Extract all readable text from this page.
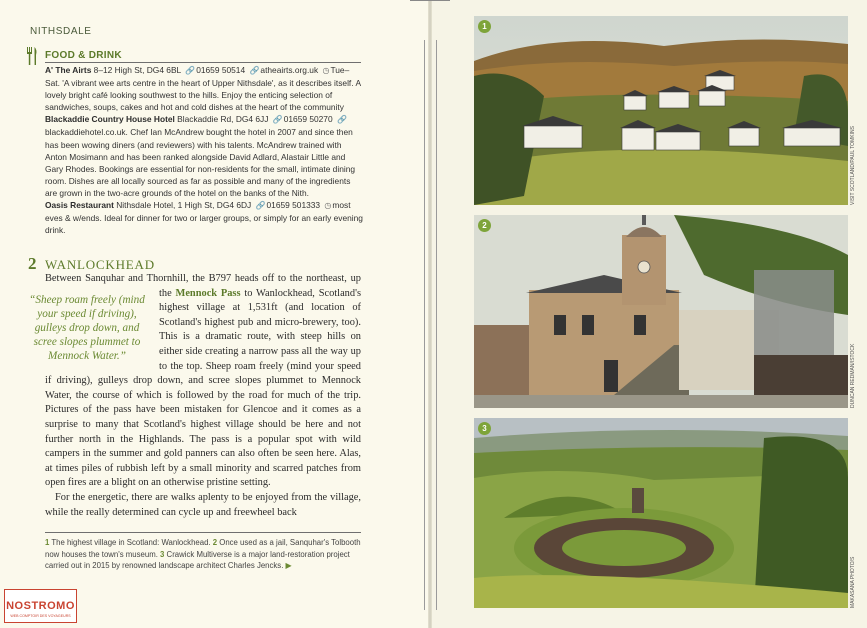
NITHSDALE
FOOD & DRINK

A' The Airts 8–12 High St, DG4 6BL 🔗01659 50514 🔗atheairts.org.uk ◷Tue–Sat. 'A vibrant wee arts centre in the heart of Upper Nithsdale', as it describes itself. A lovely bright café looking southwest to the hills. Enjoy the enticing selection of sandwiches, soups, cakes and hot and cold dishes at the heart of the community

Blackaddie Country House Hotel Blackaddie Rd, DG4 6JJ 🔗01659 50270 🔗blackaddiehotel.co.uk. Chef Ian McAndrew bought the hotel in 2007 and since then has been wowing diners (and reviewers) with his talents. McAndrew trained with Anton Mosimann and has been ranked alongside David Adlard, Alastair Little and Gary Rhodes. Bookings are essential for non-residents for the small, intimate dining room. Dishes are all locally sourced as far as possible and many of the ingredients are grown in the two-acre grounds of the hotel on the banks of the Nith.

Oasis Restaurant Nithsdale Hotel, 1 High St, DG4 6DJ 🔗01659 501333 ◷most eves & w/ends. Ideal for dinner for two or larger groups, or simply for an early evening drink.

2 WANLOCKHEAD

Between Sanquhar and Thornhill, the B797 heads off to the northeast, up the Mennock Pass
“Sheep roam freely (mind your speed if driving), gulleys drop down, and scree slopes plummet to Mennock Water.”
to Wanlockhead, Scotland's highest village at 1,531ft (and location of Scotland's highest pub and micro-brewery, too). This is a dramatic route, with steep hills on either side creating a narrow pass all the way up to the top. Sheep roam freely (mind your speed if driving), gulleys drop down, and scree slopes plummet to Mennock Water, the course of which is followed by the road for much of the trip. Pictures of the pass have been mistaken for Glencoe and it comes as a surprise to many that Scotland's highest village should be here and not further north in the Highlands. The pass is a popular spot with wild campers in the summer and gold panners can also often be seen here. Alas, at times piles of rubbish left by a small minority and scarred patches from open fires are a blight on an otherwise pristine setting.

For the energetic, there are walks aplenty to be enjoyed from the village, while the really determined can cycle up and freewheel back

1 The highest village in Scotland: Wanlockhead. 2 Once used as a jail, Sanquhar's Tolbooth now houses the town's museum. 3 Crawick Multiverse is a major land-restoration project carried out in 2015 by renowned landscape architect Charles Jencks. ▶
NOSTROMO
WEB COMPTOIR DES VOYAGEURS
1
VISIT SCOTLAND/PAUL TOMKINS
2
DUNCAN REDMAN/ISTOCK
3
MAKASANA PHOTO/S
